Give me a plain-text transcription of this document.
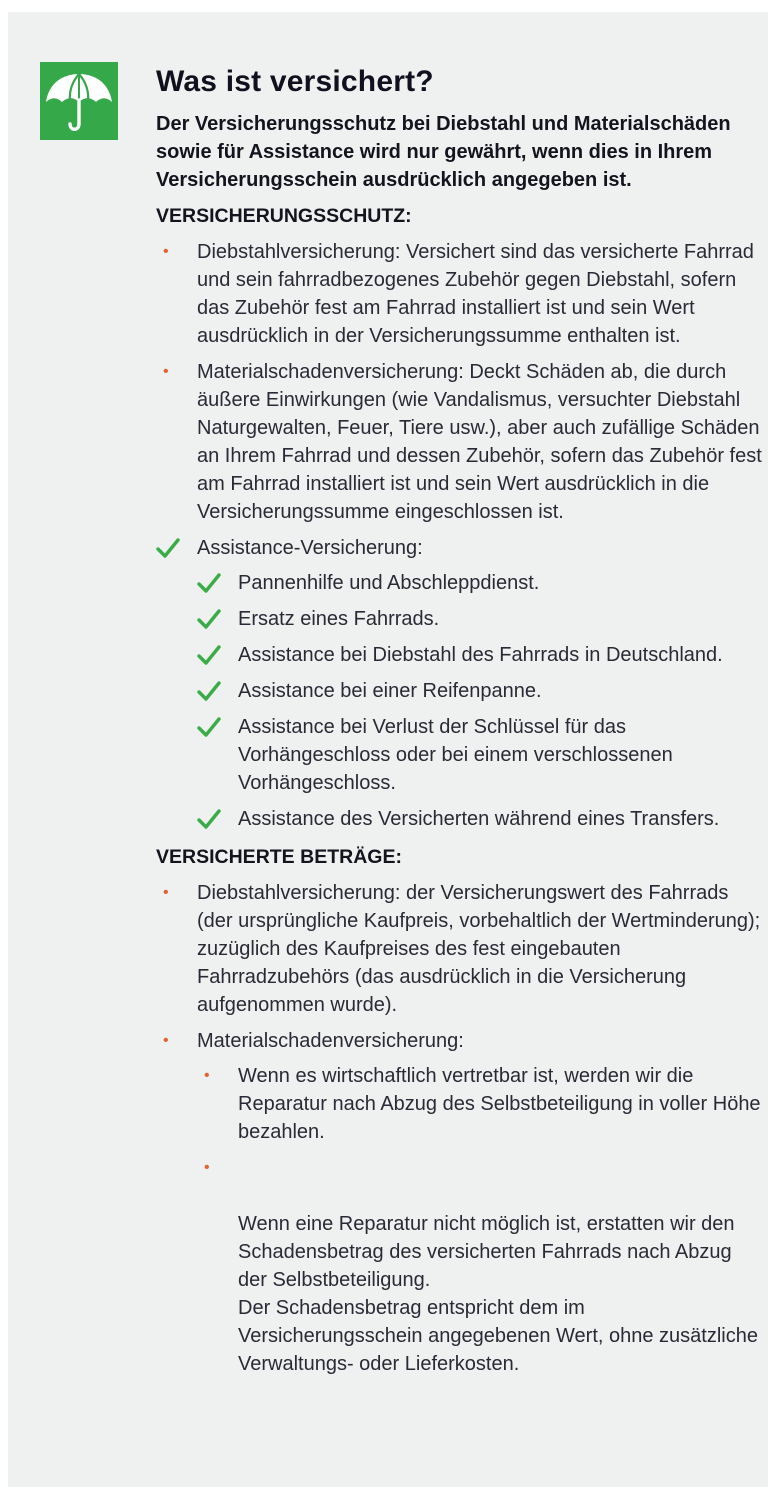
Was ist versichert?

Der Versicherungsschutz bei Diebstahl und Materialschäden sowie für Assistance wird nur gewährt, wenn dies in Ihrem Versicherungsschein ausdrücklich angegeben ist.

VERSICHERUNGSSCHUTZ:
• Diebstahlversicherung: Versichert sind das versicherte Fahrrad und sein fahrradbezogenes Zubehör gegen Diebstahl, sofern das Zubehör fest am Fahrrad installiert ist und sein Wert ausdrücklich in der Versicherungssumme enthalten ist.
• Materialschadenversicherung: Deckt Schäden ab, die durch äußere Einwirkungen (wie Vandalismus, versuchter Diebstahl Naturgewalten, Feuer, Tiere usw.), aber auch zufällige Schäden an Ihrem Fahrrad und dessen Zubehör, sofern das Zubehör fest am Fahrrad installiert ist und sein Wert ausdrücklich in die Versicherungssumme eingeschlossen ist.
Assistance-Versicherung:
Pannenhilfe und Abschleppdienst.
Ersatz eines Fahrrads.
Assistance bei Diebstahl des Fahrrads in Deutschland.
Assistance bei einer Reifenpanne.
Assistance bei Verlust der Schlüssel für das Vorhängeschloss oder bei einem verschlossenen Vorhängeschloss.
Assistance des Versicherten während eines Transfers.
VERSICHERTE BETRÄGE:
• Diebstahlversicherung: der Versicherungswert des Fahrrads (der ursprüngliche Kaufpreis, vorbehaltlich der Wertminderung); zuzüglich des Kaufpreises des fest eingebauten Fahrradzubehörs (das ausdrücklich in die Versicherung aufgenommen wurde).
• Materialschadenversicherung:
• Wenn es wirtschaftlich vertretbar ist, werden wir die Reparatur nach Abzug des Selbstbeteiligung in voller Höhe bezahlen.

•

Wenn eine Reparatur nicht möglich ist, erstatten wir den Schadensbetrag des versicherten Fahrrads nach Abzug der Selbstbeteiligung.
Der Schadensbetrag entspricht dem im Versicherungsschein angegebenen Wert, ohne zusätzliche Verwaltungs- oder Lieferkosten.
